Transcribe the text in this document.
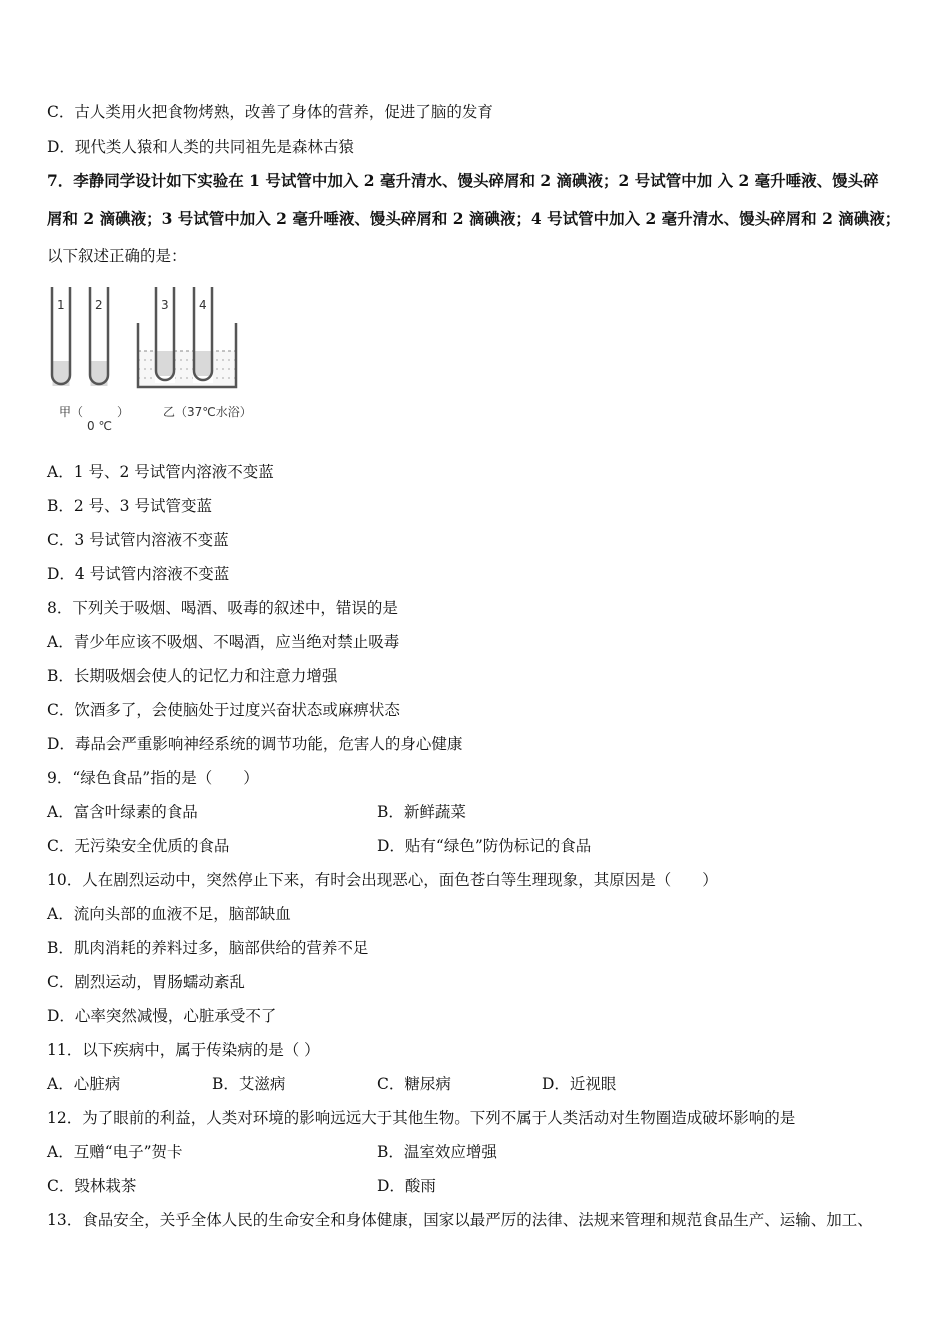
C．古人类用火把食物烤熟，改善了身体的营养，促进了脑的发育
D．现代类人猿和人类的共同祖先是森林古猿
7．李静同学设计如下实验在 1 号试管中加入 2 毫升清水、馒头碎屑和 2 滴碘液；2 号试管中加 入 2 毫升唾液、馒头碎
屑和 2 滴碘液；3 号试管中加入 2 毫升唾液、馒头碎屑和 2 滴碘液；4 号试管中加入 2 毫升清水、馒头碎屑和 2 滴碘液；
以下叙述正确的是：
1	2	3	4
甲（	）
0 ℃
乙（37℃水浴）
A．1 号、2 号试管内溶液不变蓝
B．2 号、3 号试管变蓝
C．3 号试管内溶液不变蓝
D．4 号试管内溶液不变蓝
8．下列关于吸烟、喝酒、吸毒的叙述中，错误的是
A．青少年应该不吸烟、不喝酒，应当绝对禁止吸毒
B．长期吸烟会使人的记忆力和注意力增强
C．饮酒多了，会使脑处于过度兴奋状态或麻痹状态
D．毒品会严重影响神经系统的调节功能，危害人的身心健康
9．“绿色食品”指的是（　　）
A．富含叶绿素的食品	B．新鲜蔬菜
C．无污染安全优质的食品	D．贴有“绿色”防伪标记的食品
10．人在剧烈运动中，突然停止下来，有时会出现恶心，面色苍白等生理现象，其原因是（　　）
A．流向头部的血液不足，脑部缺血
B．肌肉消耗的养料过多，脑部供给的营养不足
C．剧烈运动，胃肠蠕动紊乱
D．心率突然减慢，心脏承受不了
11．以下疾病中，属于传染病的是（ ）
A．心脏病	B．艾滋病	C．糖尿病	D．近视眼
12．为了眼前的利益，人类对环境的影响远远大于其他生物。下列不属于人类活动对生物圈造成破坏影响的是
A．互赠“电子”贺卡	B．温室效应增强
C．毁林栽茶	D．酸雨
13．食品安全，关乎全体人民的生命安全和身体健康，国家以最严厉的法律、法规来管理和规范食品生产、运输、加工、
